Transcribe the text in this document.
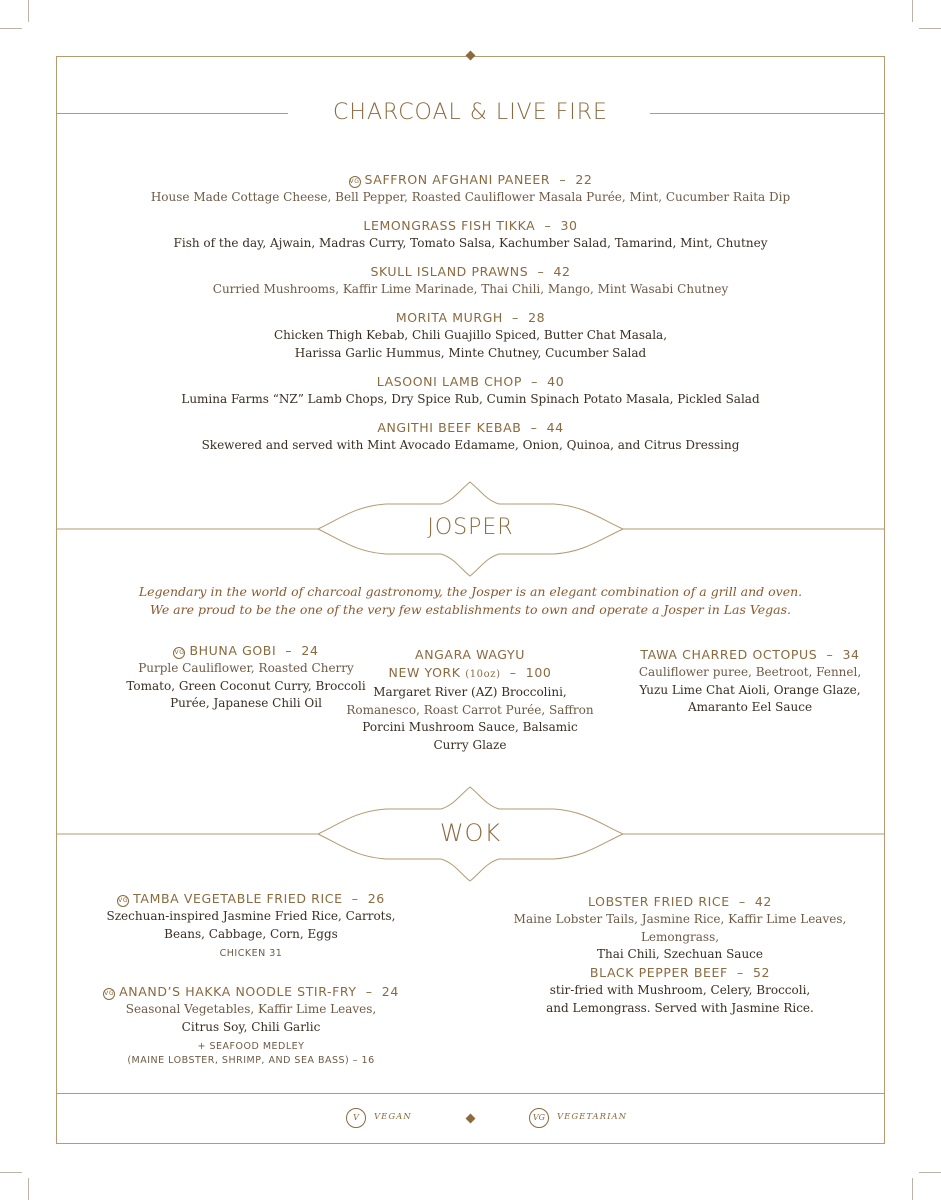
CHARCOAL & LIVE FIRE
VG SAFFRON AFGHANI PANEER  –  22
House Made Cottage Cheese, Bell Pepper, Roasted Cauliflower Masala Purée, Mint, Cucumber Raita Dip
LEMONGRASS FISH TIKKA  –  30
Fish of the day, Ajwain, Madras Curry, Tomato Salsa, Kachumber Salad, Tamarind, Mint, Chutney
SKULL ISLAND PRAWNS  –  42
Curried Mushrooms, Kaffir Lime Marinade, Thai Chili, Mango, Mint Wasabi Chutney
MORITA MURGH  –  28
Chicken Thigh Kebab, Chili Guajillo Spiced, Butter Chat Masala,
Harissa Garlic Hummus, Minte Chutney, Cucumber Salad
LASOONI LAMB CHOP  –  40
Lumina Farms “NZ” Lamb Chops, Dry Spice Rub, Cumin Spinach Potato Masala, Pickled Salad
ANGITHI BEEF KEBAB  –  44
Skewered and served with Mint Avocado Edamame, Onion, Quinoa, and Citrus Dressing
JOSPER
Legendary in the world of charcoal gastronomy, the Josper is an elegant combination of a grill and oven.
We are proud to be the one of the very few establishments to own and operate a Josper in Las Vegas.
VG BHUNA GOBI  –  24
Purple Cauliflower, Roasted Cherry
Tomato, Green Coconut Curry, Broccoli
Purée, Japanese Chili Oil
ANGARA WAGYU
NEW YORK (10oz)  –  100
Margaret River (AZ) Broccolini,
Romanesco, Roast Carrot Purée, Saffron
Porcini Mushroom Sauce, Balsamic
Curry Glaze
TAWA CHARRED OCTOPUS  –  34
Cauliflower puree, Beetroot, Fennel,
Yuzu Lime Chat Aioli, Orange Glaze,
Amaranto Eel Sauce
WOK
VG TAMBA VEGETABLE FRIED RICE  –  26
Szechuan-inspired Jasmine Fried Rice, Carrots,
Beans, Cabbage, Corn, Eggs
CHICKEN 31
VG ANAND’S HAKKA NOODLE STIR-FRY  –  24
Seasonal Vegetables, Kaffir Lime Leaves,
Citrus Soy, Chili Garlic
+ SEAFOOD MEDLEY
(MAINE LOBSTER, SHRIMP, AND SEA BASS) – 16
LOBSTER FRIED RICE  –  42
Maine Lobster Tails, Jasmine Rice, Kaffir Lime Leaves, Lemongrass,
Thai Chili, Szechuan Sauce
BLACK PEPPER BEEF  –  52
stir-fried with Mushroom, Celery, Broccoli,
and Lemongrass. Served with Jasmine Rice.
V	VEGAN	VG	VEGETARIAN
